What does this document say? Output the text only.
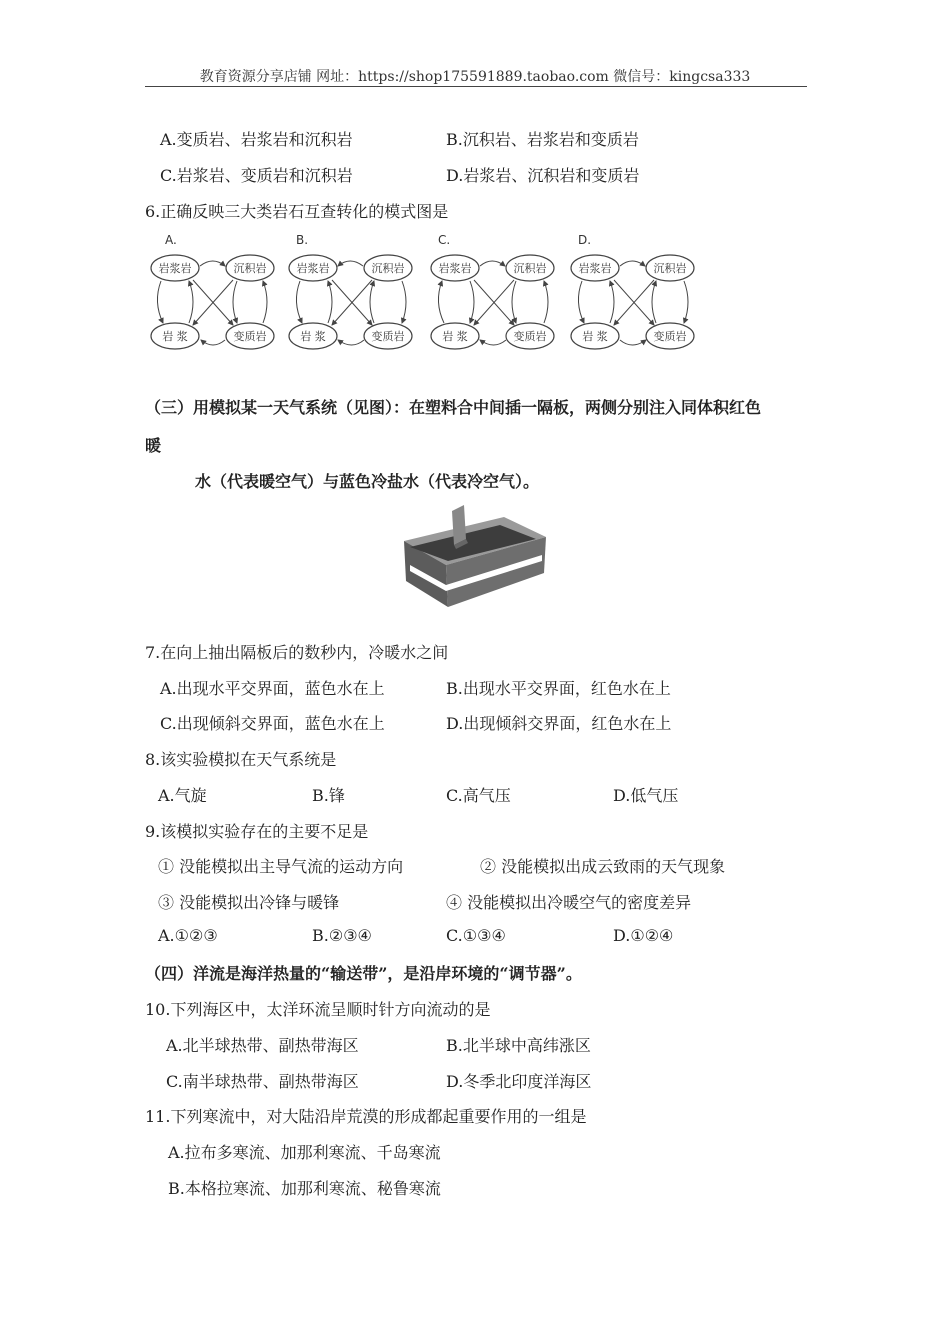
教育资源分享店铺 网址：https://shop175591889.taobao.com 微信号：kingcsa333
A.变质岩、岩浆岩和沉积岩	B.沉积岩、岩浆岩和变质岩
C.岩浆岩、变质岩和沉积岩	D.岩浆岩、沉积岩和变质岩
6.正确反映三大类岩石互查转化的模式图是
A.
岩浆岩	沉积岩
岩 浆	变质岩
B.
岩浆岩	沉积岩
岩 浆	变质岩
C.
岩浆岩	沉积岩
岩 浆	变质岩
D.
岩浆岩	沉积岩
岩 浆	变质岩
（三）用模拟某一天气系统（见图）：在塑料合中间插一隔板，两侧分别注入同体积红色
暖
水（代表暖空气）与蓝色冷盐水（代表冷空气）。
7.在向上抽出隔板后的数秒内，冷暖水之间
A.出现水平交界面，蓝色水在上	B.出现水平交界面，红色水在上
C.出现倾斜交界面，蓝色水在上	D.出现倾斜交界面，红色水在上
8.该实验模拟在天气系统是
A.气旋	B.锋	C.高气压	D.低气压
9.该模拟实验存在的主要不足是
① 没能模拟出主导气流的运动方向	② 没能模拟出成云致雨的天气现象
③ 没能模拟出冷锋与暖锋	④ 没能模拟出冷暖空气的密度差异
A.①②③	B.②③④	C.①③④	D.①②④
（四）洋流是海洋热量的“输送带”，是沿岸环境的“调节器”。
10.下列海区中，太洋环流呈顺时针方向流动的是
A.北半球热带、副热带海区	B.北半球中高纬涨区
C.南半球热带、副热带海区	D.冬季北印度洋海区
11.下列寒流中，对大陆沿岸荒漠的形成都起重要作用的一组是
A.拉布多寒流、加那利寒流、千岛寒流
B.本格拉寒流、加那利寒流、秘鲁寒流
